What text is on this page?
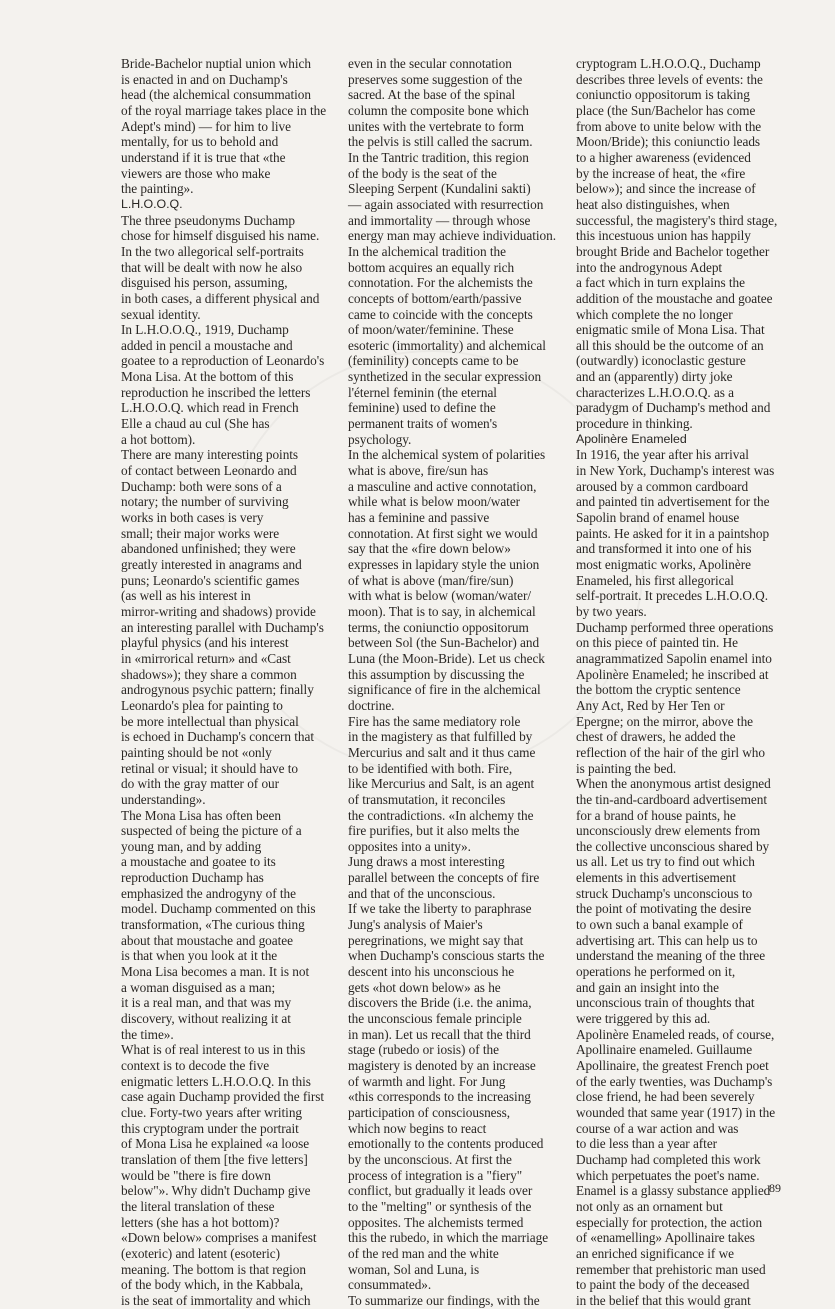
Bride-Bachelor nuptial union which
is enacted in and on Duchamp's
head (the alchemical consummation
of the royal marriage takes place in the
Adept's mind) — for him to live
mentally, for us to behold and
understand if it is true that «the
viewers are those who make
the painting».

L.H.O.O.Q.

The three pseudonyms Duchamp
chose for himself disguised his name.
In the two allegorical self-portraits
that will be dealt with now he also
disguised his person, assuming,
in both cases, a different physical and
sexual identity.

In L.H.O.O.Q., 1919, Duchamp
added in pencil a moustache and
goatee to a reproduction of Leonardo's
Mona Lisa. At the bottom of this
reproduction he inscribed the letters
L.H.O.O.Q. which read in French
Elle a chaud au cul (She has
a hot bottom).

There are many interesting points
of contact between Leonardo and
Duchamp: both were sons of a
notary; the number of surviving
works in both cases is very
small; their major works were
abandoned unfinished; they were
greatly interested in anagrams and
puns; Leonardo's scientific games
(as well as his interest in
mirror-writing and shadows) provide
an interesting parallel with Duchamp's
playful physics (and his interest
in «mirrorical return» and «Cast
shadows»); they share a common
androgynous psychic pattern; finally
Leonardo's plea for painting to
be more intellectual than physical
is echoed in Duchamp's concern that
painting should be not «only
retinal or visual; it should have to
do with the gray matter of our
understanding».

The Mona Lisa has often been
suspected of being the picture of a
young man, and by adding
a moustache and goatee to its
reproduction Duchamp has
emphasized the androgyny of the
model. Duchamp commented on this
transformation, «The curious thing
about that moustache and goatee
is that when you look at it the
Mona Lisa becomes a man. It is not
a woman disguised as a man;
it is a real man, and that was my
discovery, without realizing it at
the time».

What is of real interest to us in this
context is to decode the five
enigmatic letters L.H.O.O.Q. In this
case again Duchamp provided the first
clue. Forty-two years after writing
this cryptogram under the portrait
of Mona Lisa he explained «a loose
translation of them [the five letters]
would be "there is fire down
below"». Why didn't Duchamp give
the literal translation of these
letters (she has a hot bottom)?
«Down below» comprises a manifest
(exoteric) and latent (esoteric)
meaning. The bottom is that region
of the body which, in the Kabbala,
is the seat of immortality and which

even in the secular connotation
preserves some suggestion of the
sacred. At the base of the spinal
column the composite bone which
unites with the vertebrate to form
the pelvis is still called the sacrum.

In the Tantric tradition, this region
of the body is the seat of the
Sleeping Serpent (Kundalini sakti)
— again associated with resurrection
and immortality — through whose
energy man may achieve individuation.

In the alchemical tradition the
bottom acquires an equally rich
connotation. For the alchemists the
concepts of bottom/earth/passive
came to coincide with the concepts
of moon/water/feminine. These
esoteric (immortality) and alchemical
(feminility) concepts came to be
synthetized in the secular expression
l'éternel feminin (the eternal
feminine) used to define the
permanent traits of women's
psychology.

In the alchemical system of polarities
what is above, fire/sun has
a masculine and active connotation,
while what is below moon/water
has a feminine and passive
connotation. At first sight we would
say that the «fire down below»
expresses in lapidary style the union
of what is above (man/fire/sun)
with what is below (woman/water/
moon). That is to say, in alchemical
terms, the coniunctio oppositorum
between Sol (the Sun-Bachelor) and
Luna (the Moon-Bride). Let us check
this assumption by discussing the
significance of fire in the alchemical
doctrine.

Fire has the same mediatory role
in the magistery as that fulfilled by
Mercurius and salt and it thus came
to be identified with both. Fire,
like Mercurius and Salt, is an agent
of transmutation, it reconciles
the contradictions. «In alchemy the
fire purifies, but it also melts the
opposites into a unity».

Jung draws a most interesting
parallel between the concepts of fire
and that of the unconscious.

If we take the liberty to paraphrase
Jung's analysis of Maier's
peregrinations, we might say that
when Duchamp's conscious starts the
descent into his unconscious he
gets «hot down below» as he
discovers the Bride (i.e. the anima,
the unconscious female principle
in man). Let us recall that the third
stage (rubedo or iosis) of the
magistery is denoted by an increase
of warmth and light. For Jung
«this corresponds to the increasing
participation of consciousness,
which now begins to react
emotionally to the contents produced
by the unconscious. At first the
process of integration is a "fiery"
conflict, but gradually it leads over
to the "melting" or synthesis of the
opposites. The alchemists termed
this the rubedo, in which the marriage
of the red man and the white
woman, Sol and Luna, is
consummated».

To summarize our findings, with the

cryptogram L.H.O.O.Q., Duchamp
describes three levels of events: the
coniunctio oppositorum is taking
place (the Sun/Bachelor has come
from above to unite below with the
Moon/Bride); this coniunctio leads
to a higher awareness (evidenced
by the increase of heat, the «fire
below»); and since the increase of
heat also distinguishes, when
successful, the magistery's third stage,
this incestuous union has happily
brought Bride and Bachelor together
into the androgynous Adept
a fact which in turn explains the
addition of the moustache and goatee
which complete the no longer
enigmatic smile of Mona Lisa. That
all this should be the outcome of an
(outwardly) iconoclastic gesture
and an (apparently) dirty joke
characterizes L.H.O.O.Q. as a
paradygm of Duchamp's method and
procedure in thinking.

Apolinère Enameled

In 1916, the year after his arrival
in New York, Duchamp's interest was
aroused by a common cardboard
and painted tin advertisement for the
Sapolin brand of enamel house
paints. He asked for it in a paintshop
and transformed it into one of his
most enigmatic works, Apolinère
Enameled, his first allegorical
self-portrait. It precedes L.H.O.O.Q.
by two years.

Duchamp performed three operations
on this piece of painted tin. He
anagrammatized Sapolin enamel into
Apolinère Enameled; he inscribed at
the bottom the cryptic sentence
Any Act, Red by Her Ten or
Epergne; on the mirror, above the
chest of drawers, he added the
reflection of the hair of the girl who
is painting the bed.

When the anonymous artist designed
the tin-and-cardboard advertisement
for a brand of house paints, he
unconsciously drew elements from
the collective unconscious shared by
us all. Let us try to find out which
elements in this advertisement
struck Duchamp's unconscious to
the point of motivating the desire
to own such a banal example of
advertising art. This can help us to
understand the meaning of the three
operations he performed on it,
and gain an insight into the
unconscious train of thoughts that
were triggered by this ad.

Apolinère Enameled reads, of course,
Apollinaire enameled. Guillaume
Apollinaire, the greatest French poet
of the early twenties, was Duchamp's
close friend, he had been severely
wounded that same year (1917) in the
course of a war action and was
to die less than a year after
Duchamp had completed this work
which perpetuates the poet's name.
Enamel is a glassy substance applied
not only as an ornament but
especially for protection, the action
of «enamelling» Apollinaire takes
an enriched significance if we
remember that prehistoric man used
to paint the body of the deceased
in the belief that this would grant

89
